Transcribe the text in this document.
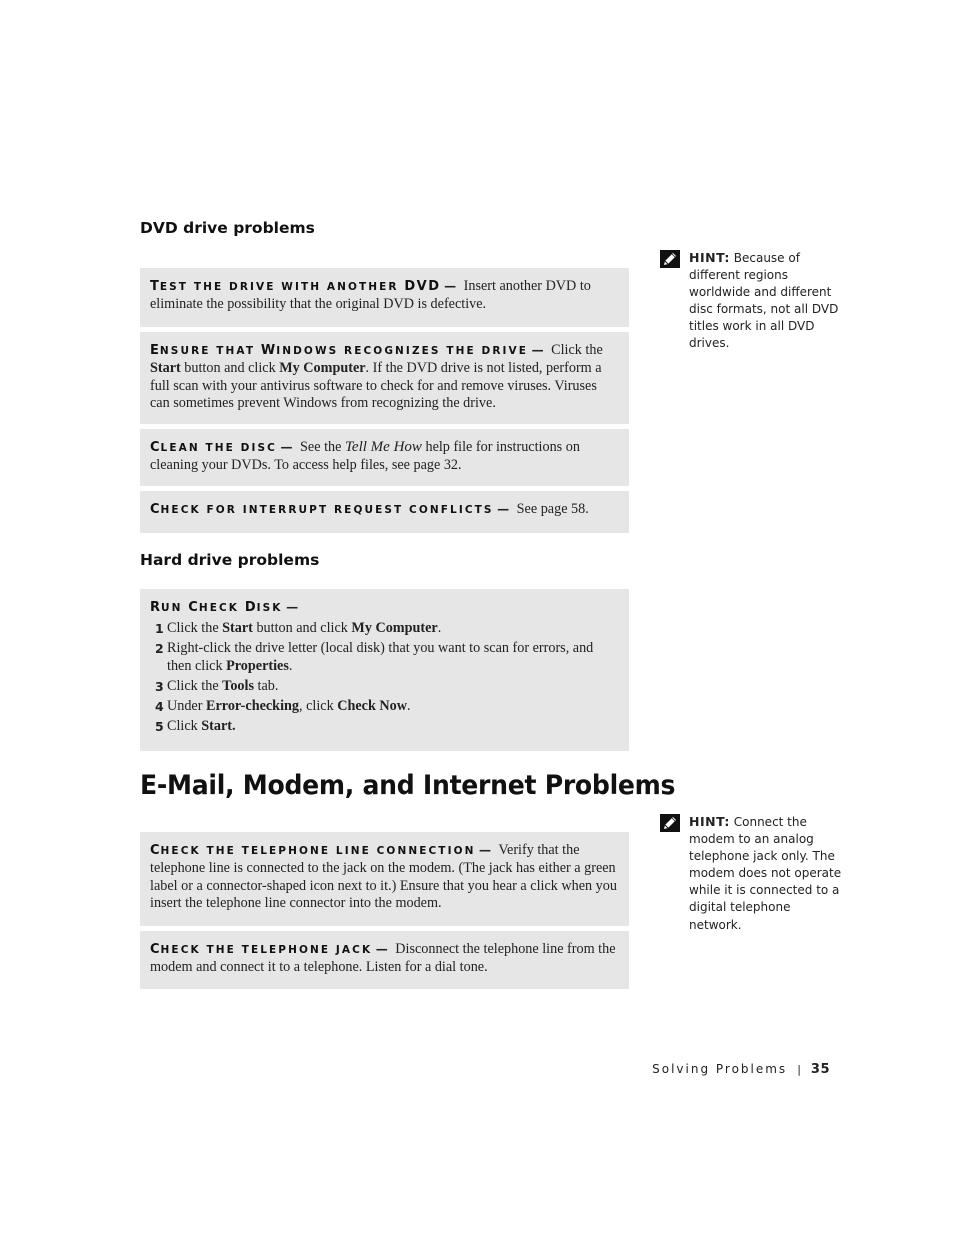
DVD drive problems
TEST THE DRIVE WITH ANOTHER DVD — Insert another DVD to eliminate the possibility that the original DVD is defective.
ENSURE THAT WINDOWS RECOGNIZES THE DRIVE — Click the Start button and click My Computer. If the DVD drive is not listed, perform a full scan with your antivirus software to check for and remove viruses. Viruses can sometimes prevent Windows from recognizing the drive.
CLEAN THE DISC — See the Tell Me How help file for instructions on cleaning your DVDs. To access help files, see page 32.
CHECK FOR INTERRUPT REQUEST CONFLICTS — See page 58.
Hard drive problems
RUN CHECK DISK —
1 Click the Start button and click My Computer.
2 Right-click the drive letter (local disk) that you want to scan for errors, and then click Properties.
3 Click the Tools tab.
4 Under Error-checking, click Check Now.
5 Click Start.
E-Mail, Modem, and Internet Problems
CHECK THE TELEPHONE LINE CONNECTION — Verify that the telephone line is connected to the jack on the modem. (The jack has either a green label or a connector-shaped icon next to it.) Ensure that you hear a click when you insert the telephone line connector into the modem.
CHECK THE TELEPHONE JACK — Disconnect the telephone line from the modem and connect it to a telephone. Listen for a dial tone.
HINT: Because of different regions worldwide and different disc formats, not all DVD titles work in all DVD drives.
HINT: Connect the modem to an analog telephone jack only. The modem does not operate while it is connected to a digital telephone network.
Solving Problems | 35
